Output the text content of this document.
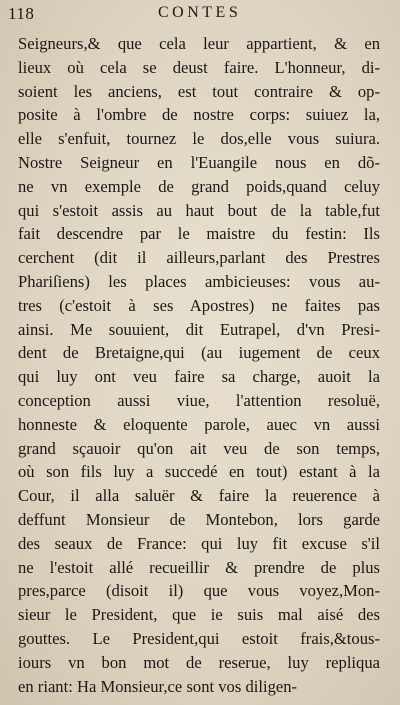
118	CONTES
Seigneurs,& que cela leur appartient, & en
lieux où cela se deust faire. L'honneur, di-
soient les anciens, est tout contraire & op-
posite à l'ombre de nostre corps: suiuez la,
elle s'enfuit, tournez le dos,elle vous suiura.
Nostre Seigneur en l'Euangile nous en dõ-
ne vn exemple de grand poids,quand celuy
qui s'estoit assis au haut bout de la table,fut
fait descendre par le maistre du festin: Ils
cerchent (dit il ailleurs,parlant des Prestres
Phariſiens) les places ambicieuses: vous au-
tres (c'estoit à ses Apostres) ne faites pas
ainsi. Me souuient, dit Eutrapel, d'vn Presi-
dent de Bretaigne,qui (au iugement de ceux
qui luy ont veu faire sa charge, auoit la
conception aussi viue, l'attention resoluë,
honneste & eloquente parole, auec vn aussi
grand sçauoir qu'on ait veu de son temps,
où son fils luy a succedé en tout) estant à la
Cour, il alla saluër & faire la reuerence à
deffunt Monsieur de Montebon, lors garde
des seaux de France: qui luy fit excuse s'il
ne l'estoit allé recueillir & prendre de plus
pres,parce (disoit il) que vous voyez,Mon-
sieur le President, que ie suis mal aisé des
gouttes. Le President,qui estoit frais,&tous-
iours vn bon mot de reserue, luy repliqua
en riant: Ha Monsieur,ce sont vos diligen-
